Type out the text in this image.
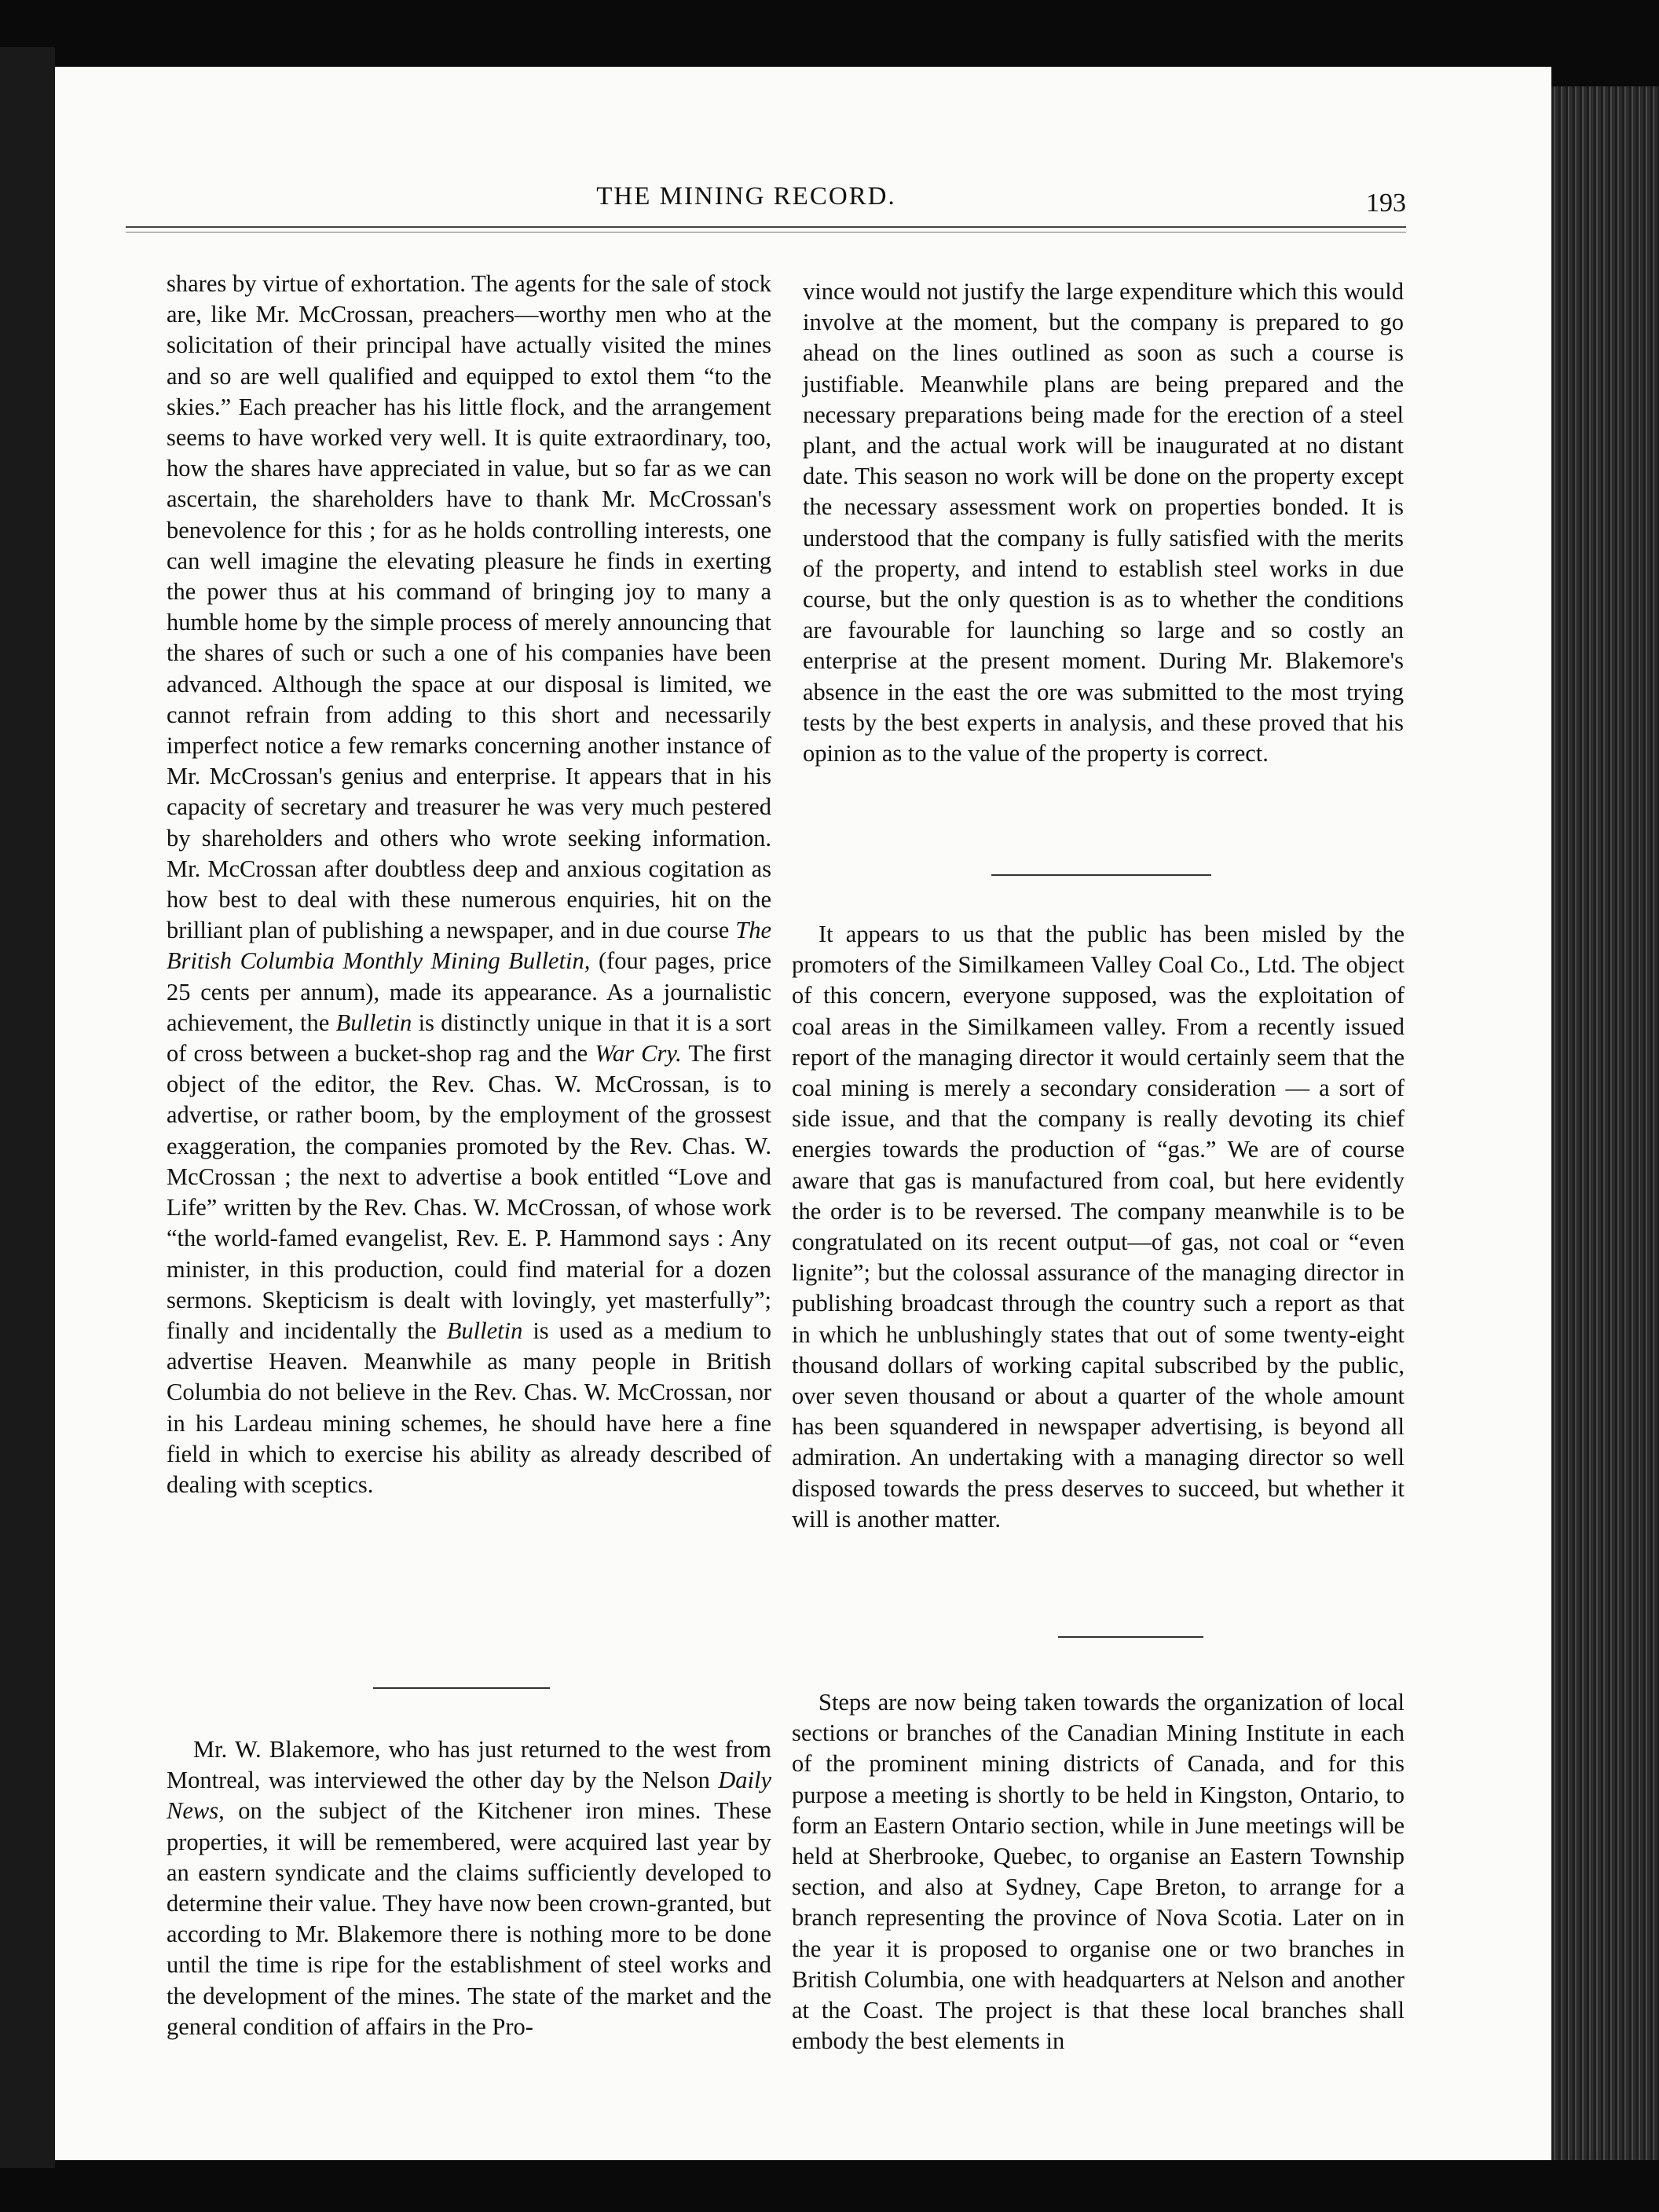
THE MINING RECORD.	193

shares by virtue of exhortation. The agents for the sale of stock are, like Mr. McCrossan, preachers—worthy men who at the solicitation of their principal have actually visited the mines and so are well qualified and equipped to extol them “to the skies.” Each preacher has his little flock, and the arrangement seems to have worked very well. It is quite extraordinary, too, how the shares have appreciated in value, but so far as we can ascertain, the shareholders have to thank Mr. McCrossan's benevolence for this ; for as he holds controlling interests, one can well imagine the elevating pleasure he finds in exerting the power thus at his command of bringing joy to many a humble home by the simple process of merely announcing that the shares of such or such a one of his companies have been advanced. Although the space at our disposal is limited, we cannot refrain from adding to this short and necessarily imperfect notice a few remarks concerning another instance of Mr. McCrossan's genius and enterprise. It appears that in his capacity of secretary and treasurer he was very much pestered by shareholders and others who wrote seeking information. Mr. McCrossan after doubtless deep and anxious cogitation as how best to deal with these numerous enquiries, hit on the brilliant plan of publishing a newspaper, and in due course The British Columbia Monthly Mining Bulletin, (four pages, price 25 cents per annum), made its appearance. As a journalistic achievement, the Bulletin is distinctly unique in that it is a sort of cross between a bucket-shop rag and the War Cry. The first object of the editor, the Rev. Chas. W. McCrossan, is to advertise, or rather boom, by the employment of the grossest exaggeration, the companies promoted by the Rev. Chas. W. McCrossan ; the next to advertise a book entitled “Love and Life” written by the Rev. Chas. W. McCrossan, of whose work “the world-famed evangelist, Rev. E. P. Hammond says : Any minister, in this production, could find material for a dozen sermons. Skepticism is dealt with lovingly, yet masterfully”; finally and incidentally the Bulletin is used as a medium to advertise Heaven. Meanwhile as many people in British Columbia do not believe in the Rev. Chas. W. McCrossan, nor in his Lardeau mining schemes, he should have here a fine field in which to exercise his ability as already described of dealing with sceptics.

Mr. W. Blakemore, who has just returned to the west from Montreal, was interviewed the other day by the Nelson Daily News, on the subject of the Kitchener iron mines. These properties, it will be remembered, were acquired last year by an eastern syndicate and the claims sufficiently developed to determine their value. They have now been crown-granted, but according to Mr. Blakemore there is nothing more to be done until the time is ripe for the establishment of steel works and the development of the mines. The state of the market and the general condition of affairs in the Pro-

vince would not justify the large expenditure which this would involve at the moment, but the company is prepared to go ahead on the lines outlined as soon as such a course is justifiable. Meanwhile plans are being prepared and the necessary preparations being made for the erection of a steel plant, and the actual work will be inaugurated at no distant date. This season no work will be done on the property except the necessary assessment work on properties bonded. It is understood that the company is fully satisfied with the merits of the property, and intend to establish steel works in due course, but the only question is as to whether the conditions are favourable for launching so large and so costly an enterprise at the present moment. During Mr. Blakemore's absence in the east the ore was submitted to the most trying tests by the best experts in analysis, and these proved that his opinion as to the value of the property is correct.

It appears to us that the public has been misled by the promoters of the Similkameen Valley Coal Co., Ltd. The object of this concern, everyone supposed, was the exploitation of coal areas in the Similkameen valley. From a recently issued report of the managing director it would certainly seem that the coal mining is merely a secondary consideration — a sort of side issue, and that the company is really devoting its chief energies towards the production of “gas.” We are of course aware that gas is manufactured from coal, but here evidently the order is to be reversed. The company meanwhile is to be congratulated on its recent output—of gas, not coal or “even lignite”; but the colossal assurance of the managing director in publishing broadcast through the country such a report as that in which he unblushingly states that out of some twenty-eight thousand dollars of working capital subscribed by the public, over seven thousand or about a quarter of the whole amount has been squandered in newspaper advertising, is beyond all admiration. An undertaking with a managing director so well disposed towards the press deserves to succeed, but whether it will is another matter.

Steps are now being taken towards the organization of local sections or branches of the Canadian Mining Institute in each of the prominent mining districts of Canada, and for this purpose a meeting is shortly to be held in Kingston, Ontario, to form an Eastern Ontario section, while in June meetings will be held at Sherbrooke, Quebec, to organise an Eastern Township section, and also at Sydney, Cape Breton, to arrange for a branch representing the province of Nova Scotia. Later on in the year it is proposed to organise one or two branches in British Columbia, one with headquarters at Nelson and another at the Coast. The project is that these local branches shall embody the best elements in
